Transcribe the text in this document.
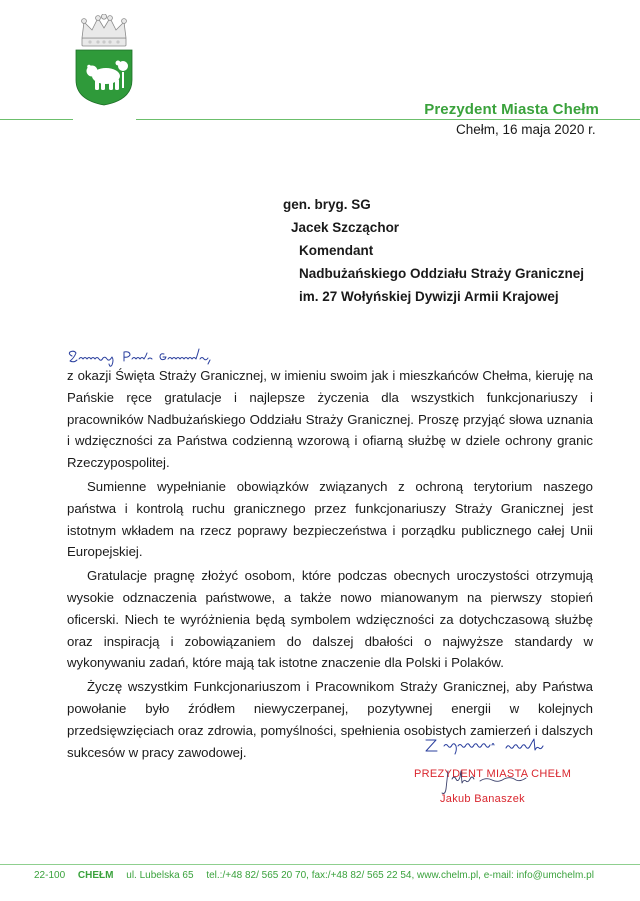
Prezydent Miasta Chełm
Chełm, 16 maja 2020 r.
gen. bryg. SG
Jacek Szcząchor
Komendant
Nadbużańskiego Oddziału Straży Granicznej
im. 27 Wołyńskiej Dywizji Armii Krajowej

z okazji Święta Straży Granicznej, w imieniu swoim jak i mieszkańców Chełma, kieruję na Pańskie ręce gratulacje i najlepsze życzenia dla wszystkich funkcjonariuszy i pracowników Nadbużańskiego Oddziału Straży Granicznej. Proszę przyjąć słowa uznania i wdzięczności za Państwa codzienną wzorową i ofiarną służbę w dziele ochrony granic Rzeczypospolitej.

Sumienne wypełnianie obowiązków związanych z ochroną terytorium naszego państwa i kontrolą ruchu granicznego przez funkcjonariuszy Straży Granicznej jest istotnym wkładem na rzecz poprawy bezpieczeństwa i porządku publicznego całej Unii Europejskiej.

Gratulacje pragnę złożyć osobom, które podczas obecnych uroczystości otrzymują wysokie odznaczenia państwowe, a także nowo mianowanym na pierwszy stopień oficerski. Niech te wyróżnienia będą symbolem wdzięczności za dotychczasową służbę oraz inspiracją i zobowiązaniem do dalszej dbałości o najwyższe standardy w wykonywaniu zadań, które mają tak istotne znaczenie dla Polski i Polaków.

Życzę wszystkim Funkcjonariuszom i Pracownikom Straży Granicznej, aby Państwa powołanie było źródłem niewyczerpanej, pozytywnej energii w kolejnych przedsięwzięciach oraz zdrowia, pomyślności, spełnienia osobistych zamierzeń i dalszych sukcesów w pracy zawodowej.

PREZYDENT MIASTA CHEŁM
Jakub Banaszek
22-100 CHEŁM ul. Lubelska 65 tel.:/+48 82/ 565 20 70, fax:/+48 82/ 565 22 54, www.chelm.pl, e-mail: info@umchelm.pl
